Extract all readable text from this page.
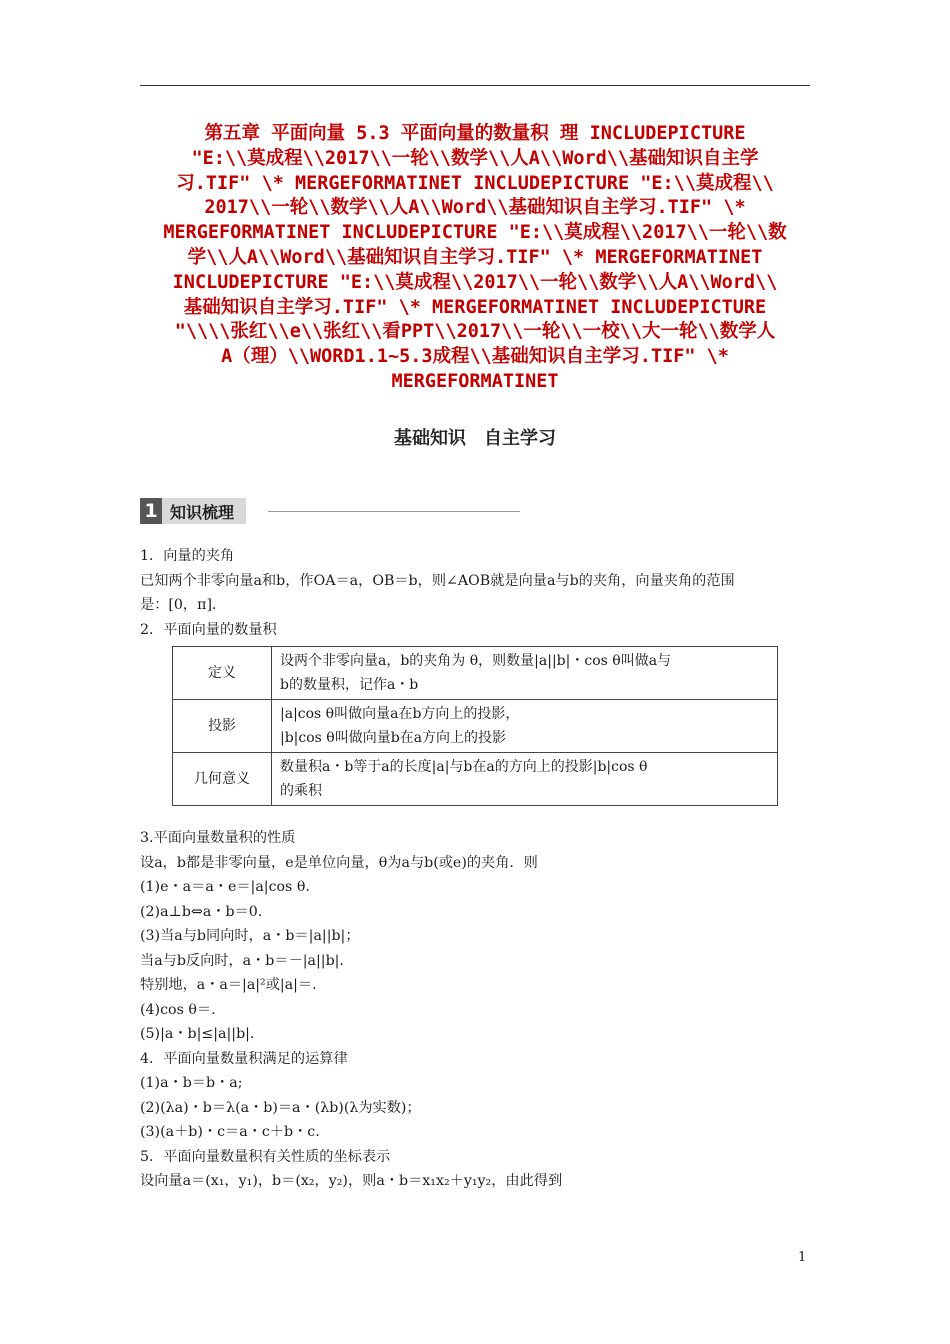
第五章 平面向量 5.3 平面向量的数量积 理 INCLUDEPICTURE
"E:\\莫成程\\2017\\一轮\\数学\\人A\\Word\\基础知识自主学
习.TIF" \* MERGEFORMATINET INCLUDEPICTURE "E:\\莫成程\\
2017\\一轮\\数学\\人A\\Word\\基础知识自主学习.TIF" \*
MERGEFORMATINET INCLUDEPICTURE "E:\\莫成程\\2017\\一轮\\数
学\\人A\\Word\\基础知识自主学习.TIF" \* MERGEFORMATINET
INCLUDEPICTURE "E:\\莫成程\\2017\\一轮\\数学\\人A\\Word\\
基础知识自主学习.TIF" \* MERGEFORMATINET INCLUDEPICTURE
"\\\\张红\\e\\张红\\看PPT\\2017\\一轮\\一校\\大一轮\\数学人
A（理）\\WORD1.1~5.3成程\\基础知识自主学习.TIF" \*
MERGEFORMATINET
基础知识　自主学习
1 知识梳理
1．向量的夹角
已知两个非零向量a和b，作OA＝a，OB＝b，则∠AOB就是向量a与b的夹角，向量夹角的范围
是：[0，π]．
2．平面向量的数量积
定义	设两个非零向量a，b的夹角为 θ，则数量|a||b|・cos θ叫做a与
b的数量积，记作a・b

投影	|a|cos θ叫做向量a在b方向上的投影，
|b|cos θ叫做向量b在a方向上的投影

几何意义	数量积a・b等于a的长度|a|与b在a的方向上的投影|b|cos θ
的乘积
3.平面向量数量积的性质
设a，b都是非零向量，e是单位向量，θ为a与b(或e)的夹角．则
(1)e・a＝a・e＝|a|cos θ.
(2)a⊥b⇔a・b＝0.
(3)当a与b同向时，a・b＝|a||b|；
当a与b反向时，a・b＝－|a||b|.
特别地，a・a＝|a|²或|a|＝.
(4)cos θ＝.
(5)|a・b|≤|a||b|.
4．平面向量数量积满足的运算律
(1)a・b＝b・a;
(2)(λa)・b＝λ(a・b)＝a・(λb)(λ为实数)；
(3)(a＋b)・c＝a・c＋b・c.
5．平面向量数量积有关性质的坐标表示
设向量a＝(x₁，y₁)，b＝(x₂，y₂)，则a・b＝x₁x₂＋y₁y₂，由此得到
1
